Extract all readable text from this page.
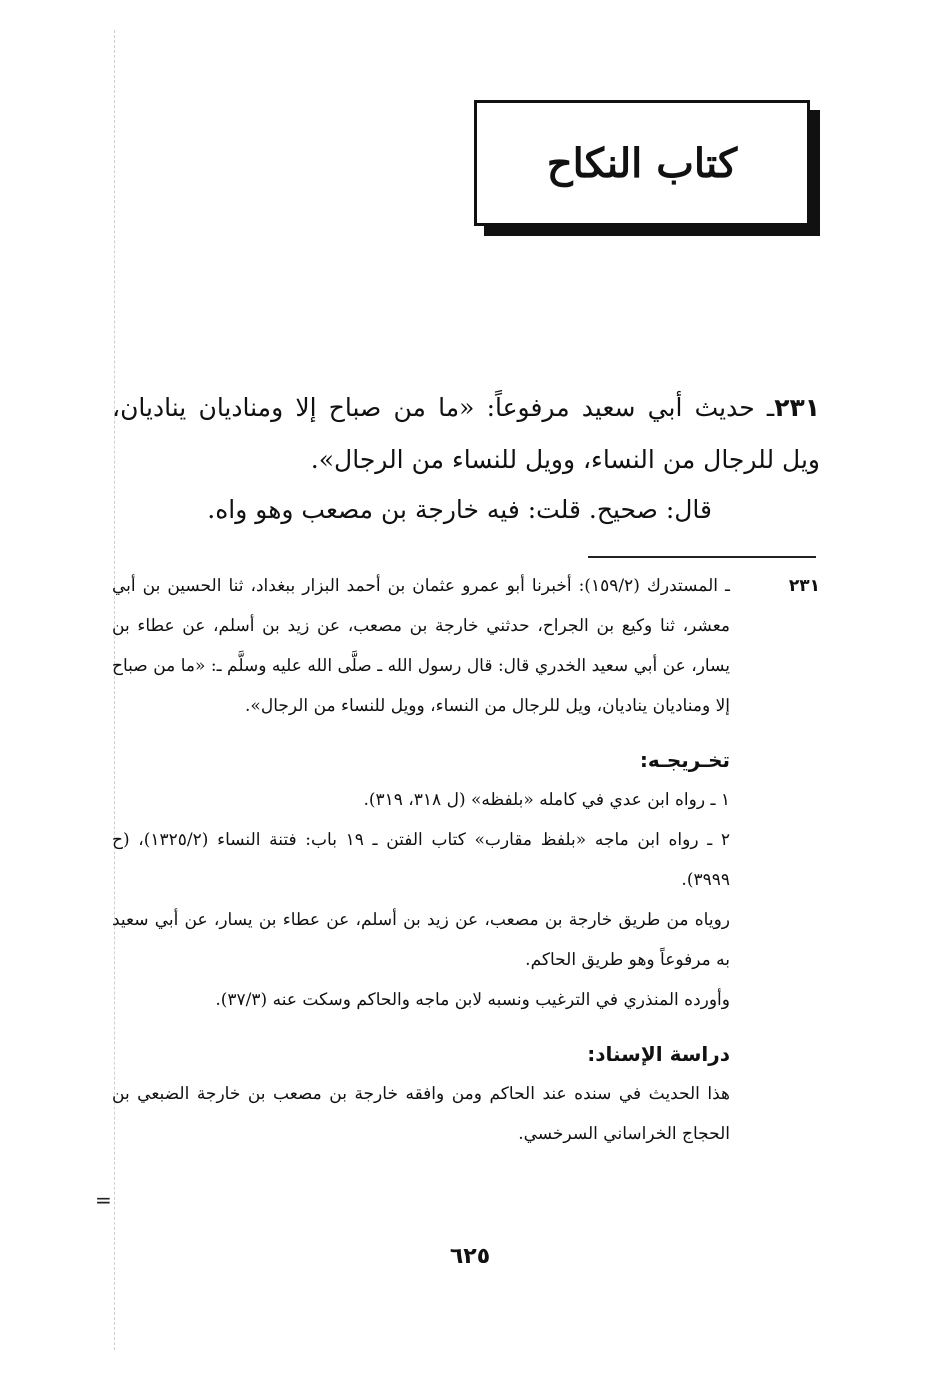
=
كتاب النكاح
٢٣١ـ حديث أبي سعيد مرفوعاً: «ما من صباح إلا ومناديان يناديان، ويل للرجال من النساء، وويل للنساء من الرجال».
قال: صحيح. قلت: فيه خارجة بن مصعب وهو واه.
٢٣١

ـ المستدرك (١٥٩/٢): أخبرنا أبو عمرو عثمان بن أحمد البزار ببغداد، ثنا الحسين بن أبي معشر، ثنا وكيع بن الجراح، حدثني خارجة بن مصعب، عن زيد بن أسلم، عن عطاء بن يسار، عن أبي سعيد الخدري قال: قال رسول الله ـ صلَّى الله عليه وسلَّم ـ: «ما من صباح إلا ومناديان يناديان، ويل للرجال من النساء، وويل للنساء من الرجال».

تخـريجـه:
١ ـ رواه ابن عدي في كامله «بلفظه» (ل ٣١٨، ٣١٩).
٢ ـ رواه ابن ماجه «بلفظ مقارب» كتاب الفتن ـ ١٩ باب: فتنة النساء (١٣٢٥/٢)، (ح ٣٩٩٩).
روياه من طريق خارجة بن مصعب، عن زيد بن أسلم، عن عطاء بن يسار، عن أبي سعيد به مرفوعاً وهو طريق الحاكم.
وأورده المنذري في الترغيب ونسبه لابن ماجه والحاكم وسكت عنه (٣٧/٣).
دراسة الإسناد:
هذا الحديث في سنده عند الحاكم ومن وافقه خارجة بن مصعب بن خارجة الضبعي بن الحجاج الخراساني السرخسي.
٦٢٥
